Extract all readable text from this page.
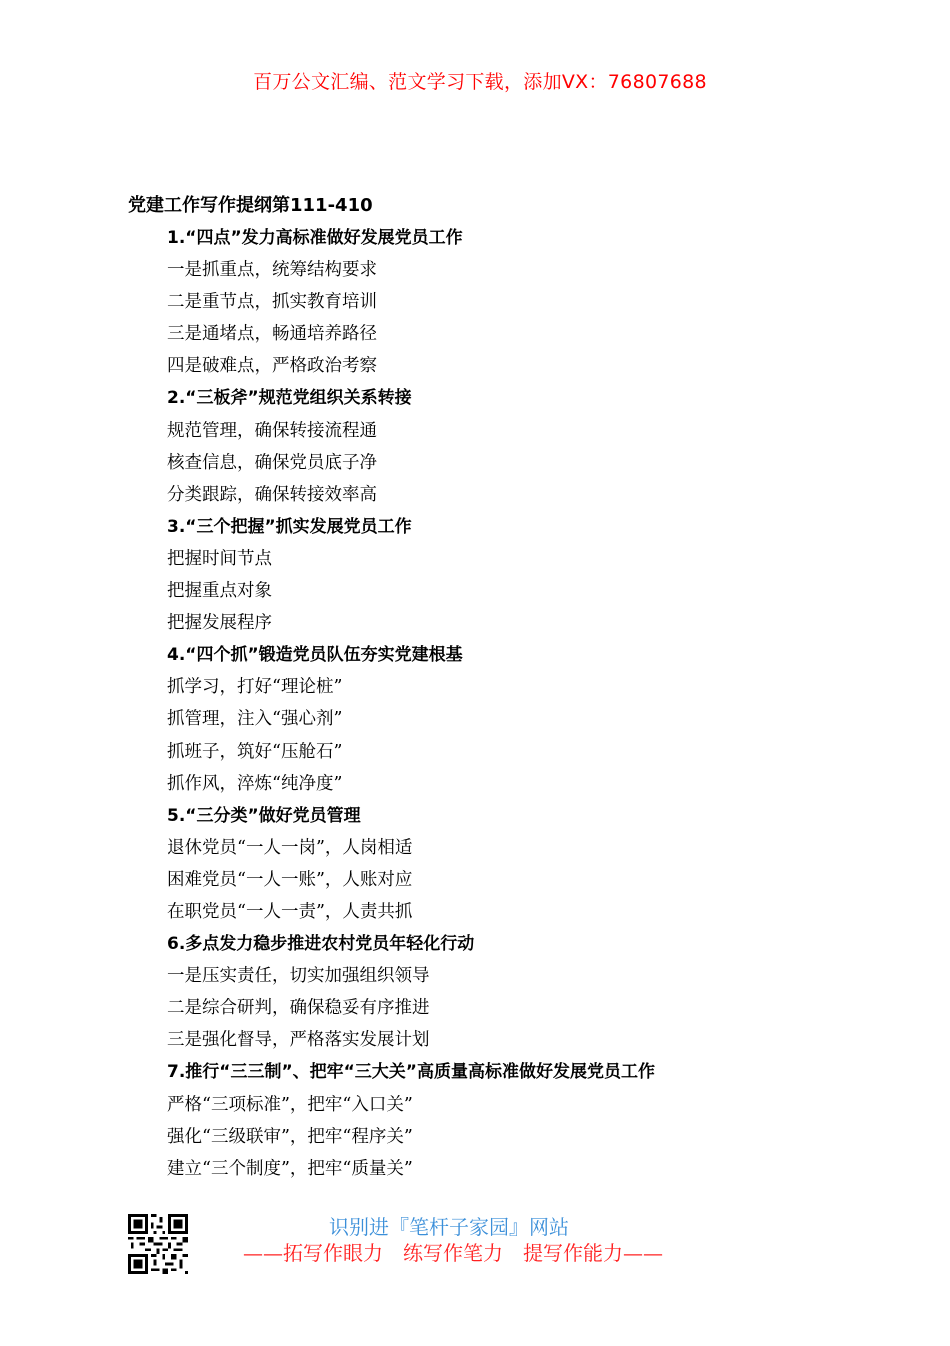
百万公文汇编、范文学习下载，添加VX：76807688
党建工作写作提纲第111-410
1.“四点”发力高标准做好发展党员工作
一是抓重点，统筹结构要求
二是重节点，抓实教育培训
三是通堵点，畅通培养路径
四是破难点，严格政治考察
2.“三板斧”规范党组织关系转接
规范管理，确保转接流程通
核查信息，确保党员底子净
分类跟踪，确保转接效率高
3.“三个把握”抓实发展党员工作
把握时间节点
把握重点对象
把握发展程序
4.“四个抓”锻造党员队伍夯实党建根基
抓学习，打好“理论桩”
抓管理，注入“强心剂”
抓班子，筑好“压舱石”
抓作风，淬炼“纯净度”
5.“三分类”做好党员管理
退休党员“一人一岗”，人岗相适
困难党员“一人一账”，人账对应
在职党员“一人一责”，人责共抓
6.多点发力稳步推进农村党员年轻化行动
一是压实责任，切实加强组织领导
二是综合研判，确保稳妥有序推进
三是强化督导，严格落实发展计划
7.推行“三三制”、把牢“三大关”高质量高标准做好发展党员工作
严格“三项标准”，把牢“入口关”
强化“三级联审”，把牢“程序关”
建立“三个制度”，把牢“质量关”
识别进『笔杆子家园』网站
——拓写作眼力　练写作笔力　提写作能力——
